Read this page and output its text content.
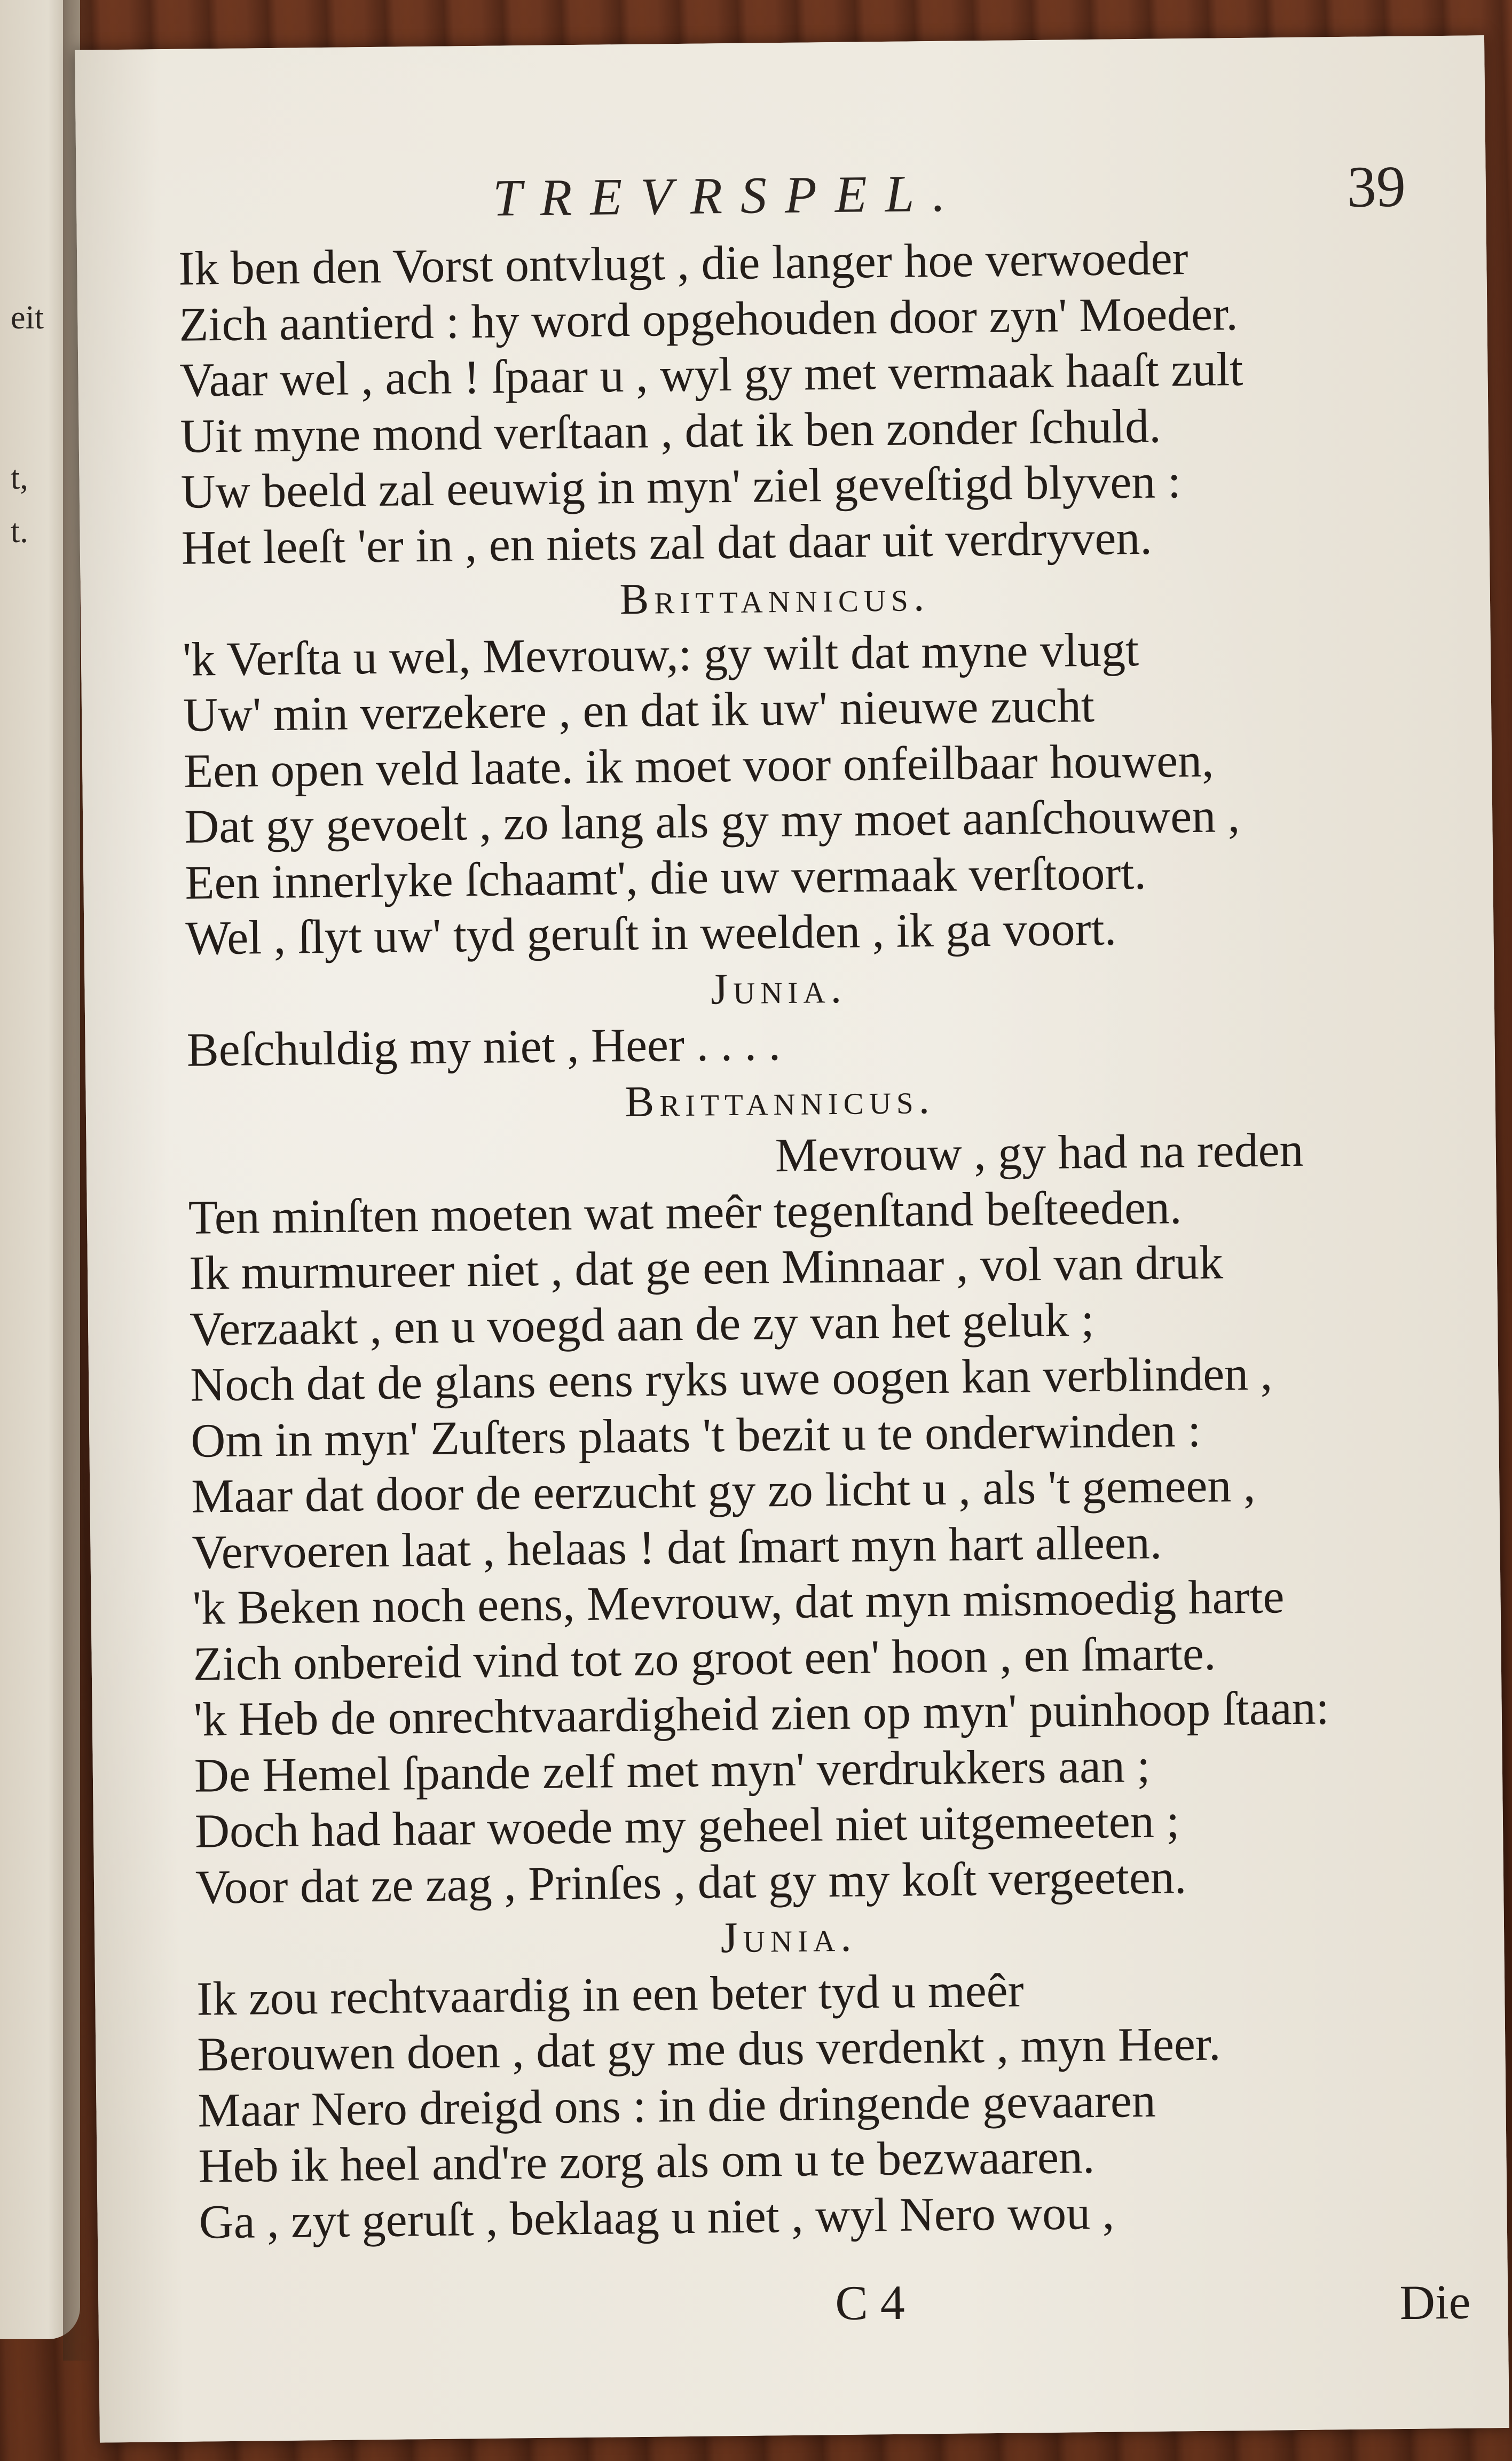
eit
t,
t.
TREVRSPEL.	39
Ik ben den Vorst ontvlugt , die langer hoe verwoeder
Zich aantierd : hy word opgehouden door zyn' Moeder.
Vaar wel , ach ! ſpaar u , wyl gy met vermaak haaſt zult
Uit myne mond verſtaan , dat ik ben zonder ſchuld.
Uw beeld zal eeuwig in myn' ziel geveſtigd blyven :
Het leeſt 'er in , en niets zal dat daar uit verdryven.
Brittannicus.
'k Verſta u wel, Mevrouw,: gy wilt dat myne vlugt
Uw' min verzekere , en dat ik uw' nieuwe zucht
Een open veld laate. ik moet voor onfeilbaar houwen,
Dat gy gevoelt , zo lang als gy my moet aanſchouwen ,
Een innerlyke ſchaamt', die uw vermaak verſtoort.
Wel , ſlyt uw' tyd geruſt in weelden , ik ga voort.
Junia.
Beſchuldig my niet , Heer . . . .
Brittannicus.
Mevrouw , gy had na reden
Ten minſten moeten wat meêr tegenſtand beſteeden.
Ik murmureer niet , dat ge een Minnaar , vol van druk
Verzaakt , en u voegd aan de zy van het geluk ;
Noch dat de glans eens ryks uwe oogen kan verblinden ,
Om in myn' Zuſters plaats 't bezit u te onderwinden :
Maar dat door de eerzucht gy zo licht u , als 't gemeen ,
Vervoeren laat , helaas ! dat ſmart myn hart alleen.
'k Beken noch eens, Mevrouw, dat myn mismoedig harte
Zich onbereid vind tot zo groot een' hoon , en ſmarte.
'k Heb de onrechtvaardigheid zien op myn' puinhoop ſtaan:
De Hemel ſpande zelf met myn' verdrukkers aan ;
Doch had haar woede my geheel niet uitgemeeten ;
Voor dat ze zag , Prinſes , dat gy my koſt vergeeten.
Junia.
Ik zou rechtvaardig in een beter tyd u meêr
Berouwen doen , dat gy me dus verdenkt , myn Heer.
Maar Nero dreigd ons : in die dringende gevaaren
Heb ik heel and're zorg als om u te bezwaaren.
Ga , zyt geruſt , beklaag u niet , wyl Nero wou ,
C 4	Die
